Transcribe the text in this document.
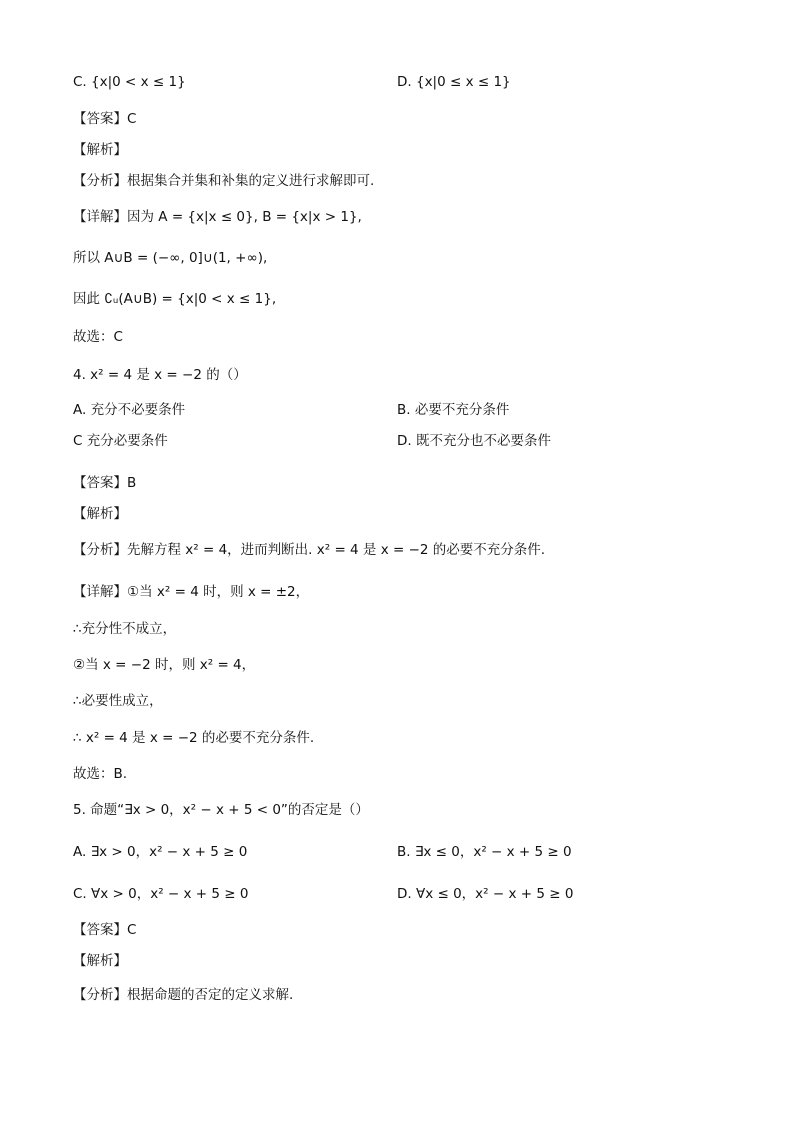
C. {x|0 < x ≤ 1}	D. {x|0 ≤ x ≤ 1}
【答案】C
【解析】
【分析】根据集合并集和补集的定义进行求解即可.
【详解】因为 A = {x|x ≤ 0}, B = {x|x > 1},
所以 A∪B = (−∞, 0]∪(1, +∞),
因此 ∁ᵤ(A∪B) = {x|0 < x ≤ 1},
故选：C
4. x² = 4 是 x = −2 的（）
A. 充分不必要条件	B. 必要不充分条件
C 充分必要条件	D. 既不充分也不必要条件
【答案】B
【解析】
【分析】先解方程 x² = 4，进而判断出. x² = 4 是 x = −2 的必要不充分条件.
【详解】①当 x² = 4 时，则 x = ±2，
∴充分性不成立，
②当 x = −2 时，则 x² = 4，
∴必要性成立，
∴ x² = 4 是 x = −2 的必要不充分条件.
故选：B.
5. 命题“∃x > 0，x² − x + 5 < 0”的否定是（）
A. ∃x > 0，x² − x + 5 ≥ 0	B. ∃x ≤ 0，x² − x + 5 ≥ 0
C. ∀x > 0，x² − x + 5 ≥ 0	D. ∀x ≤ 0，x² − x + 5 ≥ 0
【答案】C
【解析】
【分析】根据命题的否定的定义求解.
